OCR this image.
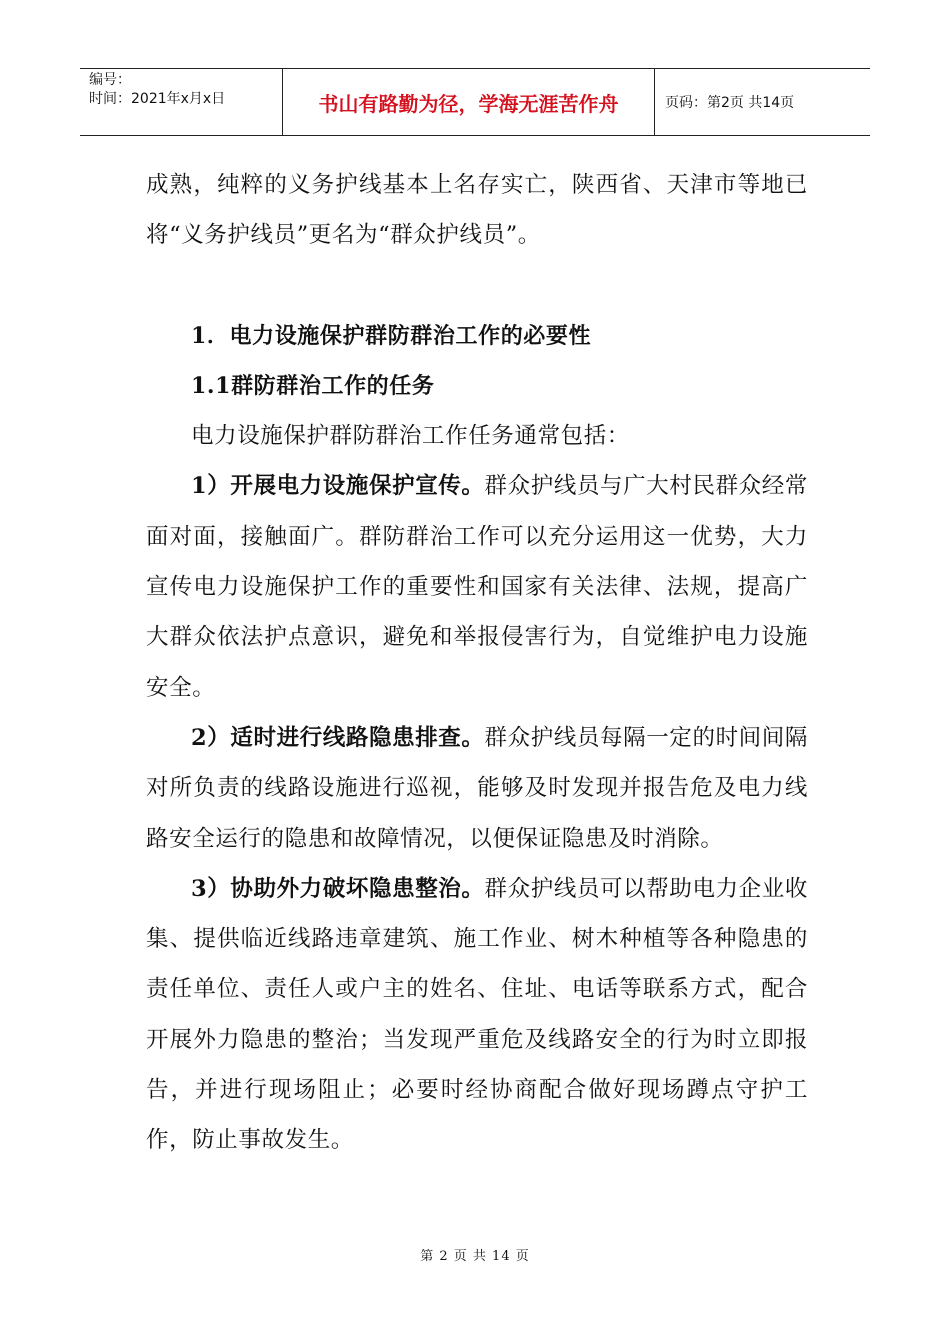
编号：
时间：2021年x月x日	书山有路勤为径，学海无涯苦作舟	页码：第2页 共14页

成熟，纯粹的义务护线基本上名存实亡，陕西省、天津市等地已将“义务护线员”更名为“群众护线员”。

1．电力设施保护群防群治工作的必要性

1.1群防群治工作的任务

电力设施保护群防群治工作任务通常包括：

1）开展电力设施保护宣传。群众护线员与广大村民群众经常面对面，接触面广。群防群治工作可以充分运用这一优势，大力宣传电力设施保护工作的重要性和国家有关法律、法规，提高广大群众依法护点意识，避免和举报侵害行为，自觉维护电力设施安全。

2）适时进行线路隐患排查。群众护线员每隔一定的时间间隔对所负责的线路设施进行巡视，能够及时发现并报告危及电力线路安全运行的隐患和故障情况，以便保证隐患及时消除。

3）协助外力破坏隐患整治。群众护线员可以帮助电力企业收集、提供临近线路违章建筑、施工作业、树木种植等各种隐患的责任单位、责任人或户主的姓名、住址、电话等联系方式，配合开展外力隐患的整治；当发现严重危及线路安全的行为时立即报告，并进行现场阻止；必要时经协商配合做好现场蹲点守护工作，防止事故发生。

第 2 页 共 14 页
